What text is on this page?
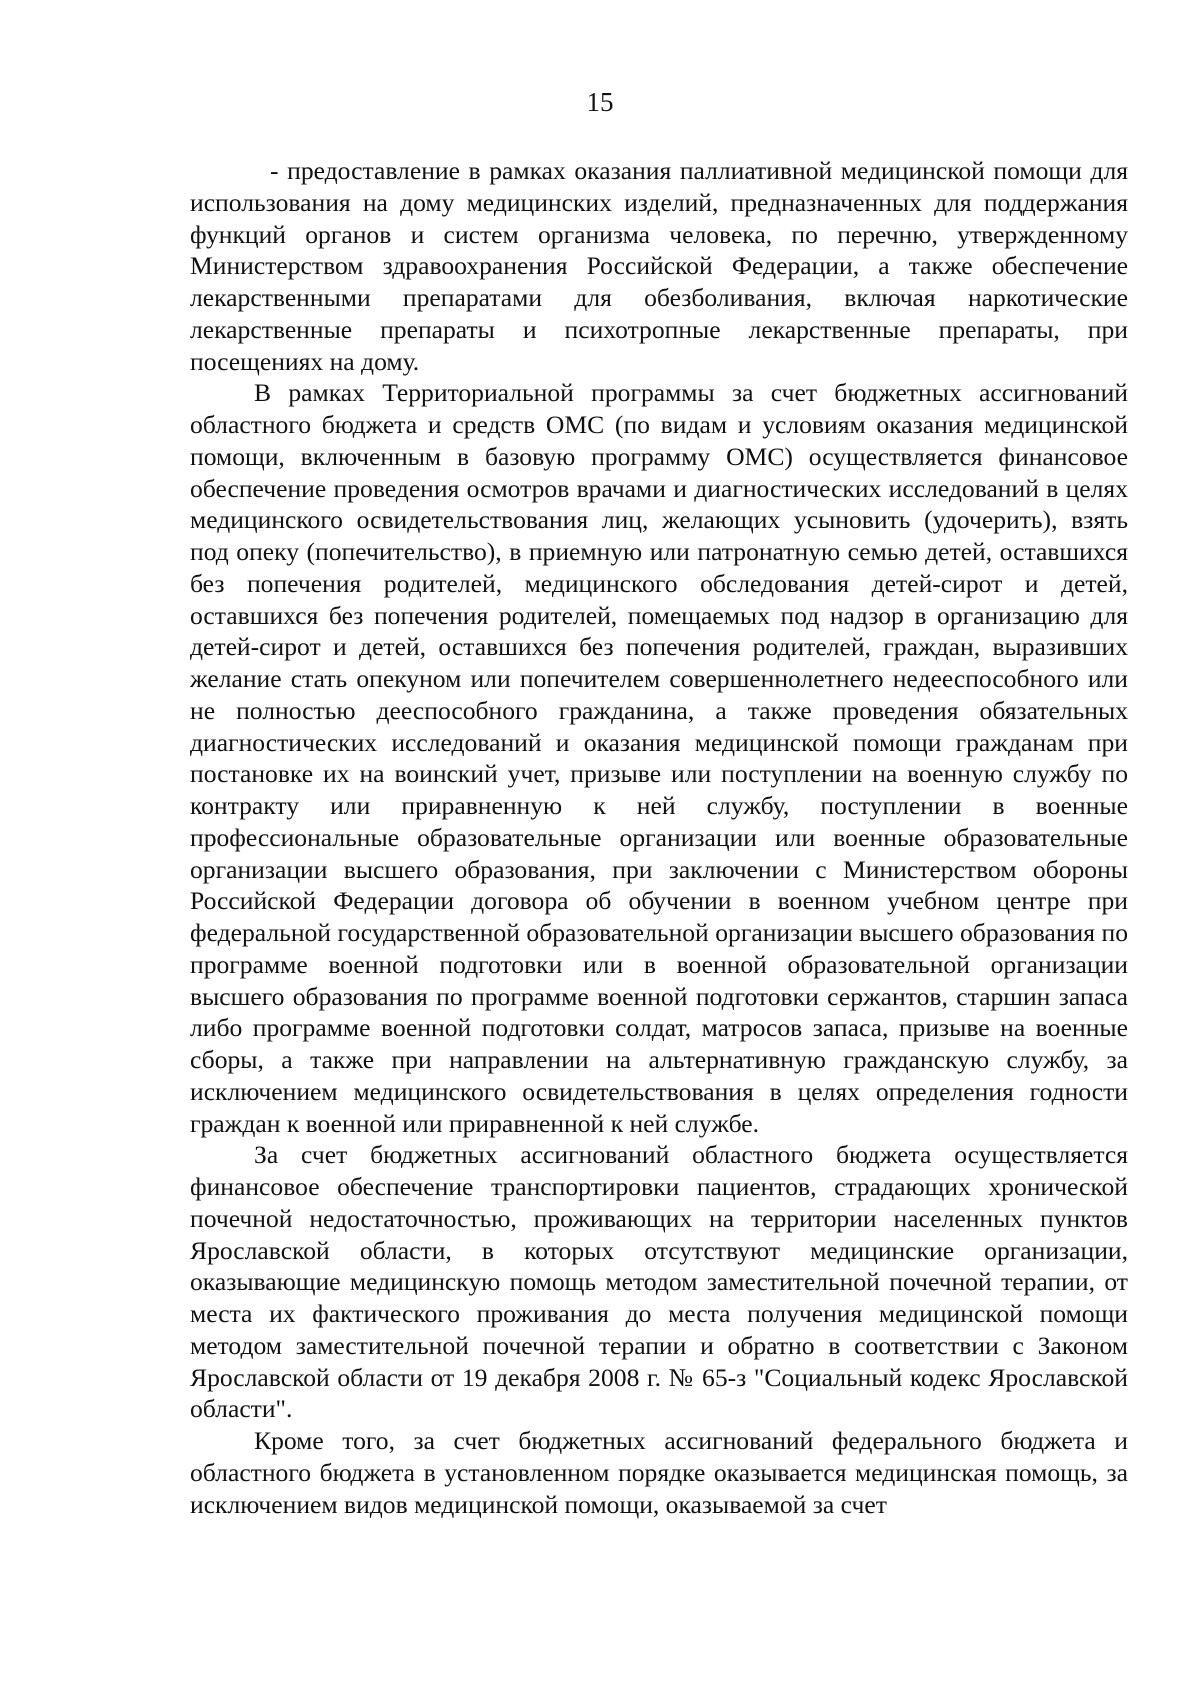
15

- предоставление в рамках оказания паллиативной медицинской помощи для использования на дому медицинских изделий, предназначенных для поддержания функций органов и систем организма человека, по перечню, утвержденному Министерством здравоохранения Российской Федерации, а также обеспечение лекарственными препаратами для обезболивания, включая наркотические лекарственные препараты и психотропные лекарственные препараты, при посещениях на дому.

В рамках Территориальной программы за счет бюджетных ассигнований областного бюджета и средств ОМС (по видам и условиям оказания медицинской помощи, включенным в базовую программу ОМС) осуществляется финансовое обеспечение проведения осмотров врачами и диагностических исследований в целях медицинского освидетельствования лиц, желающих усыновить (удочерить), взять под опеку (попечительство), в приемную или патронатную семью детей, оставшихся без попечения родителей, медицинского обследования детей-сирот и детей, оставшихся без попечения родителей, помещаемых под надзор в организацию для детей-сирот и детей, оставшихся без попечения родителей, граждан, выразивших желание стать опекуном или попечителем совершеннолетнего недееспособного или не полностью дееспособного гражданина, а также проведения обязательных диагностических исследований и оказания медицинской помощи гражданам при постановке их на воинский учет, призыве или поступлении на военную службу по контракту или приравненную к ней службу, поступлении в военные профессиональные образовательные организации или военные образовательные организации высшего образования, при заключении с Министерством обороны Российской Федерации договора об обучении в военном учебном центре при федеральной государственной образовательной организации высшего образования по программе военной подготовки или в военной образовательной организации высшего образования по программе военной подготовки сержантов, старшин запаса либо программе военной подготовки солдат, матросов запаса, призыве на военные сборы, а также при направлении на альтернативную гражданскую службу, за исключением медицинского освидетельствования в целях определения годности граждан к военной или приравненной к ней службе.

За счет бюджетных ассигнований областного бюджета осуществляется финансовое обеспечение транспортировки пациентов, страдающих хронической почечной недостаточностью, проживающих на территории населенных пунктов Ярославской области, в которых отсутствуют медицинские организации, оказывающие медицинскую помощь методом заместительной почечной терапии, от места их фактического проживания до места получения медицинской помощи методом заместительной почечной терапии и обратно в соответствии с Законом Ярославской области от 19 декабря 2008 г. № 65-з "Социальный кодекс Ярославской области".

Кроме того, за счет бюджетных ассигнований федерального бюджета и областного бюджета в установленном порядке оказывается медицинская помощь, за исключением видов медицинской помощи, оказываемой за счет
